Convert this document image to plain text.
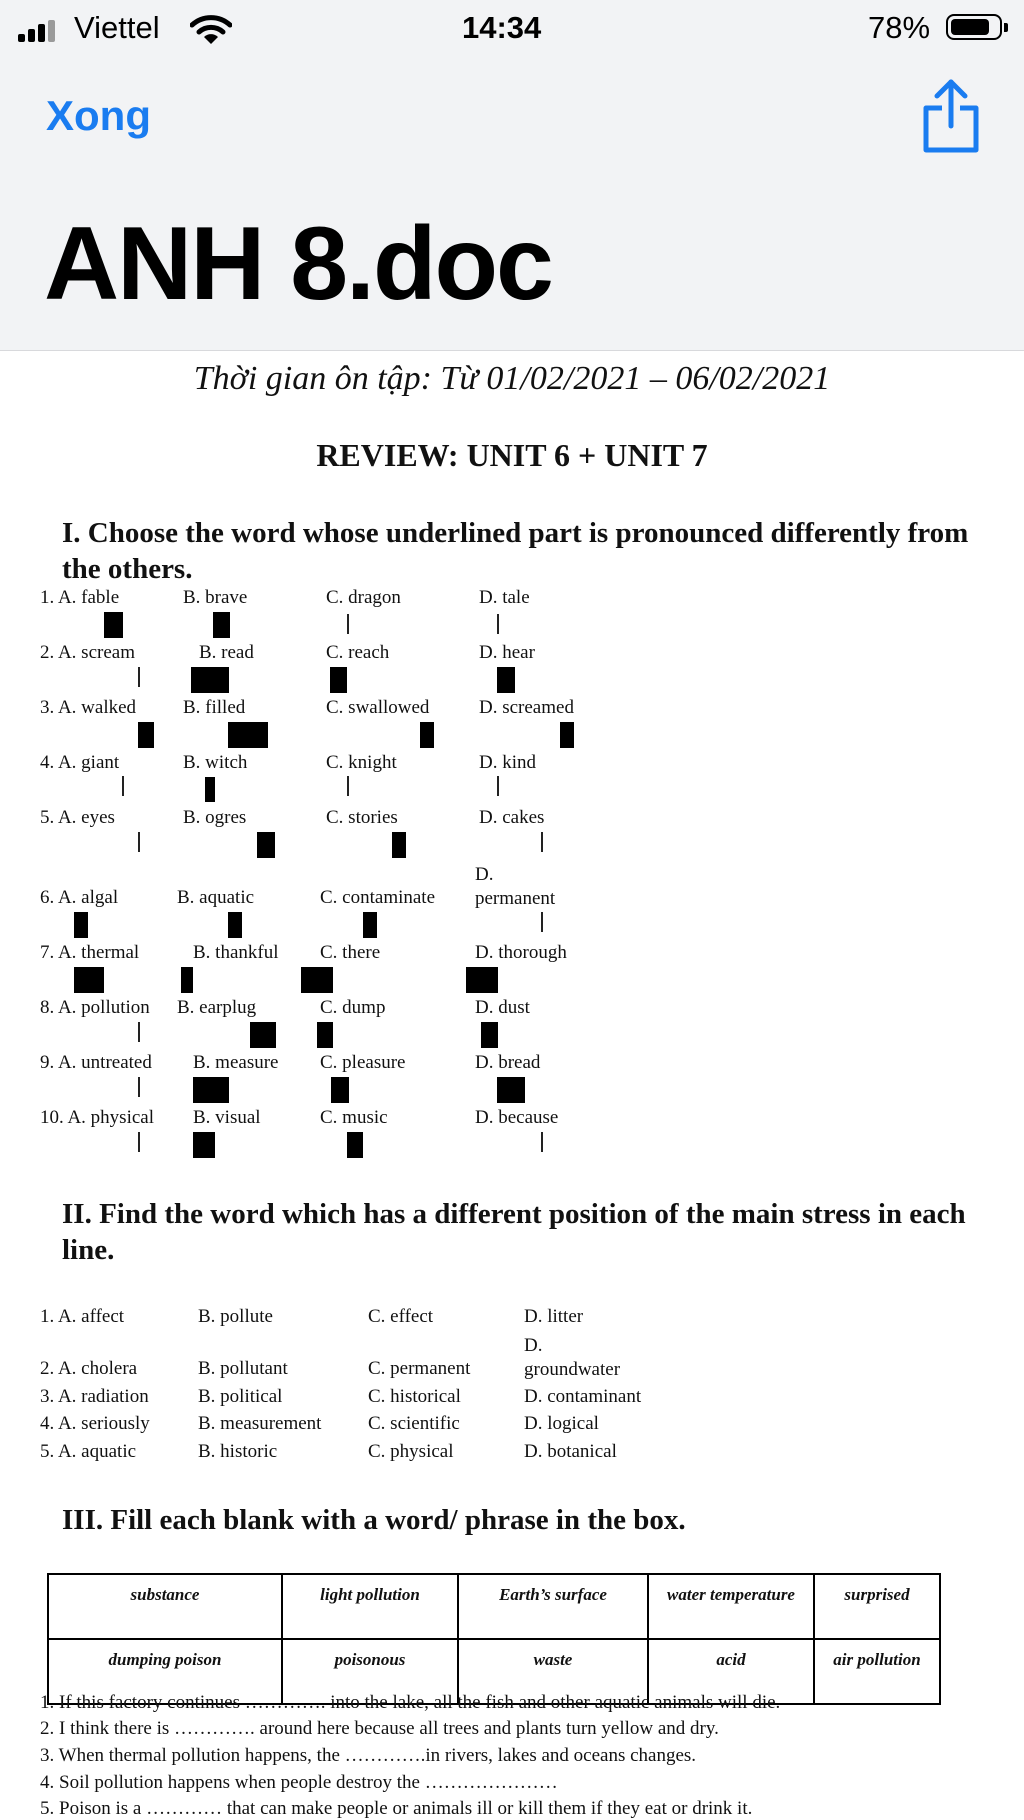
Viettel	14:34	78%
Xong
ANH 8.doc
Thời gian ôn tập: Từ 01/02/2021 – 06/02/2021
REVIEW: UNIT 6 + UNIT 7
I. Choose the word whose underlined part is pronounced differently from the others.
1. A. fable	B. brave	C. dragon	D. tale
2. A. scream	B. read	C. reach	D. hear
3. A. walked B. filled	C. swallowed	D. screamed
4. A. giant	B. witch	C. knight	D. kind
5. A. eyes	B. ogres	C. stories	D. cakes
6. A. algal	B. aquatic	C. contaminate
D. permanent
7. A. thermal	B. thankful C. there	D. thorough
8. A. pollution B. earplug	C. dump	D. dust
9. A. untreated B. measure C. pleasure	D. bread
10. A. physical B. visual	C. music	D. because
II. Find the word which has a different position of the main stress in each line.
1. A. affect	B. pollute	C. effect	D. litter
2. A. cholera	B. pollutant	C. permanent
D. groundwater
3. A. radiation	B. political	C. historical	D. contaminant
4. A. seriously	B. measurement C. scientific	D. logical
5. A. aquatic	B. historic	C. physical	D. botanical
III. Fill each blank with a word/ phrase in the box.
substance	light pollution	Earth’s surface	water temperature	surprised
dumping poison	poisonous	waste	acid	air pollution
1. If this factory continues …………. into the lake, all the fish and other aquatic animals will die.
2. I think there is …………. around here because all trees and plants turn yellow and dry.
3. When thermal pollution happens, the ………….in rivers, lakes and oceans changes.
4. Soil pollution happens when people destroy the …………………
5. Poison is a ………… that can make people or animals ill or kill them if they eat or drink it.
